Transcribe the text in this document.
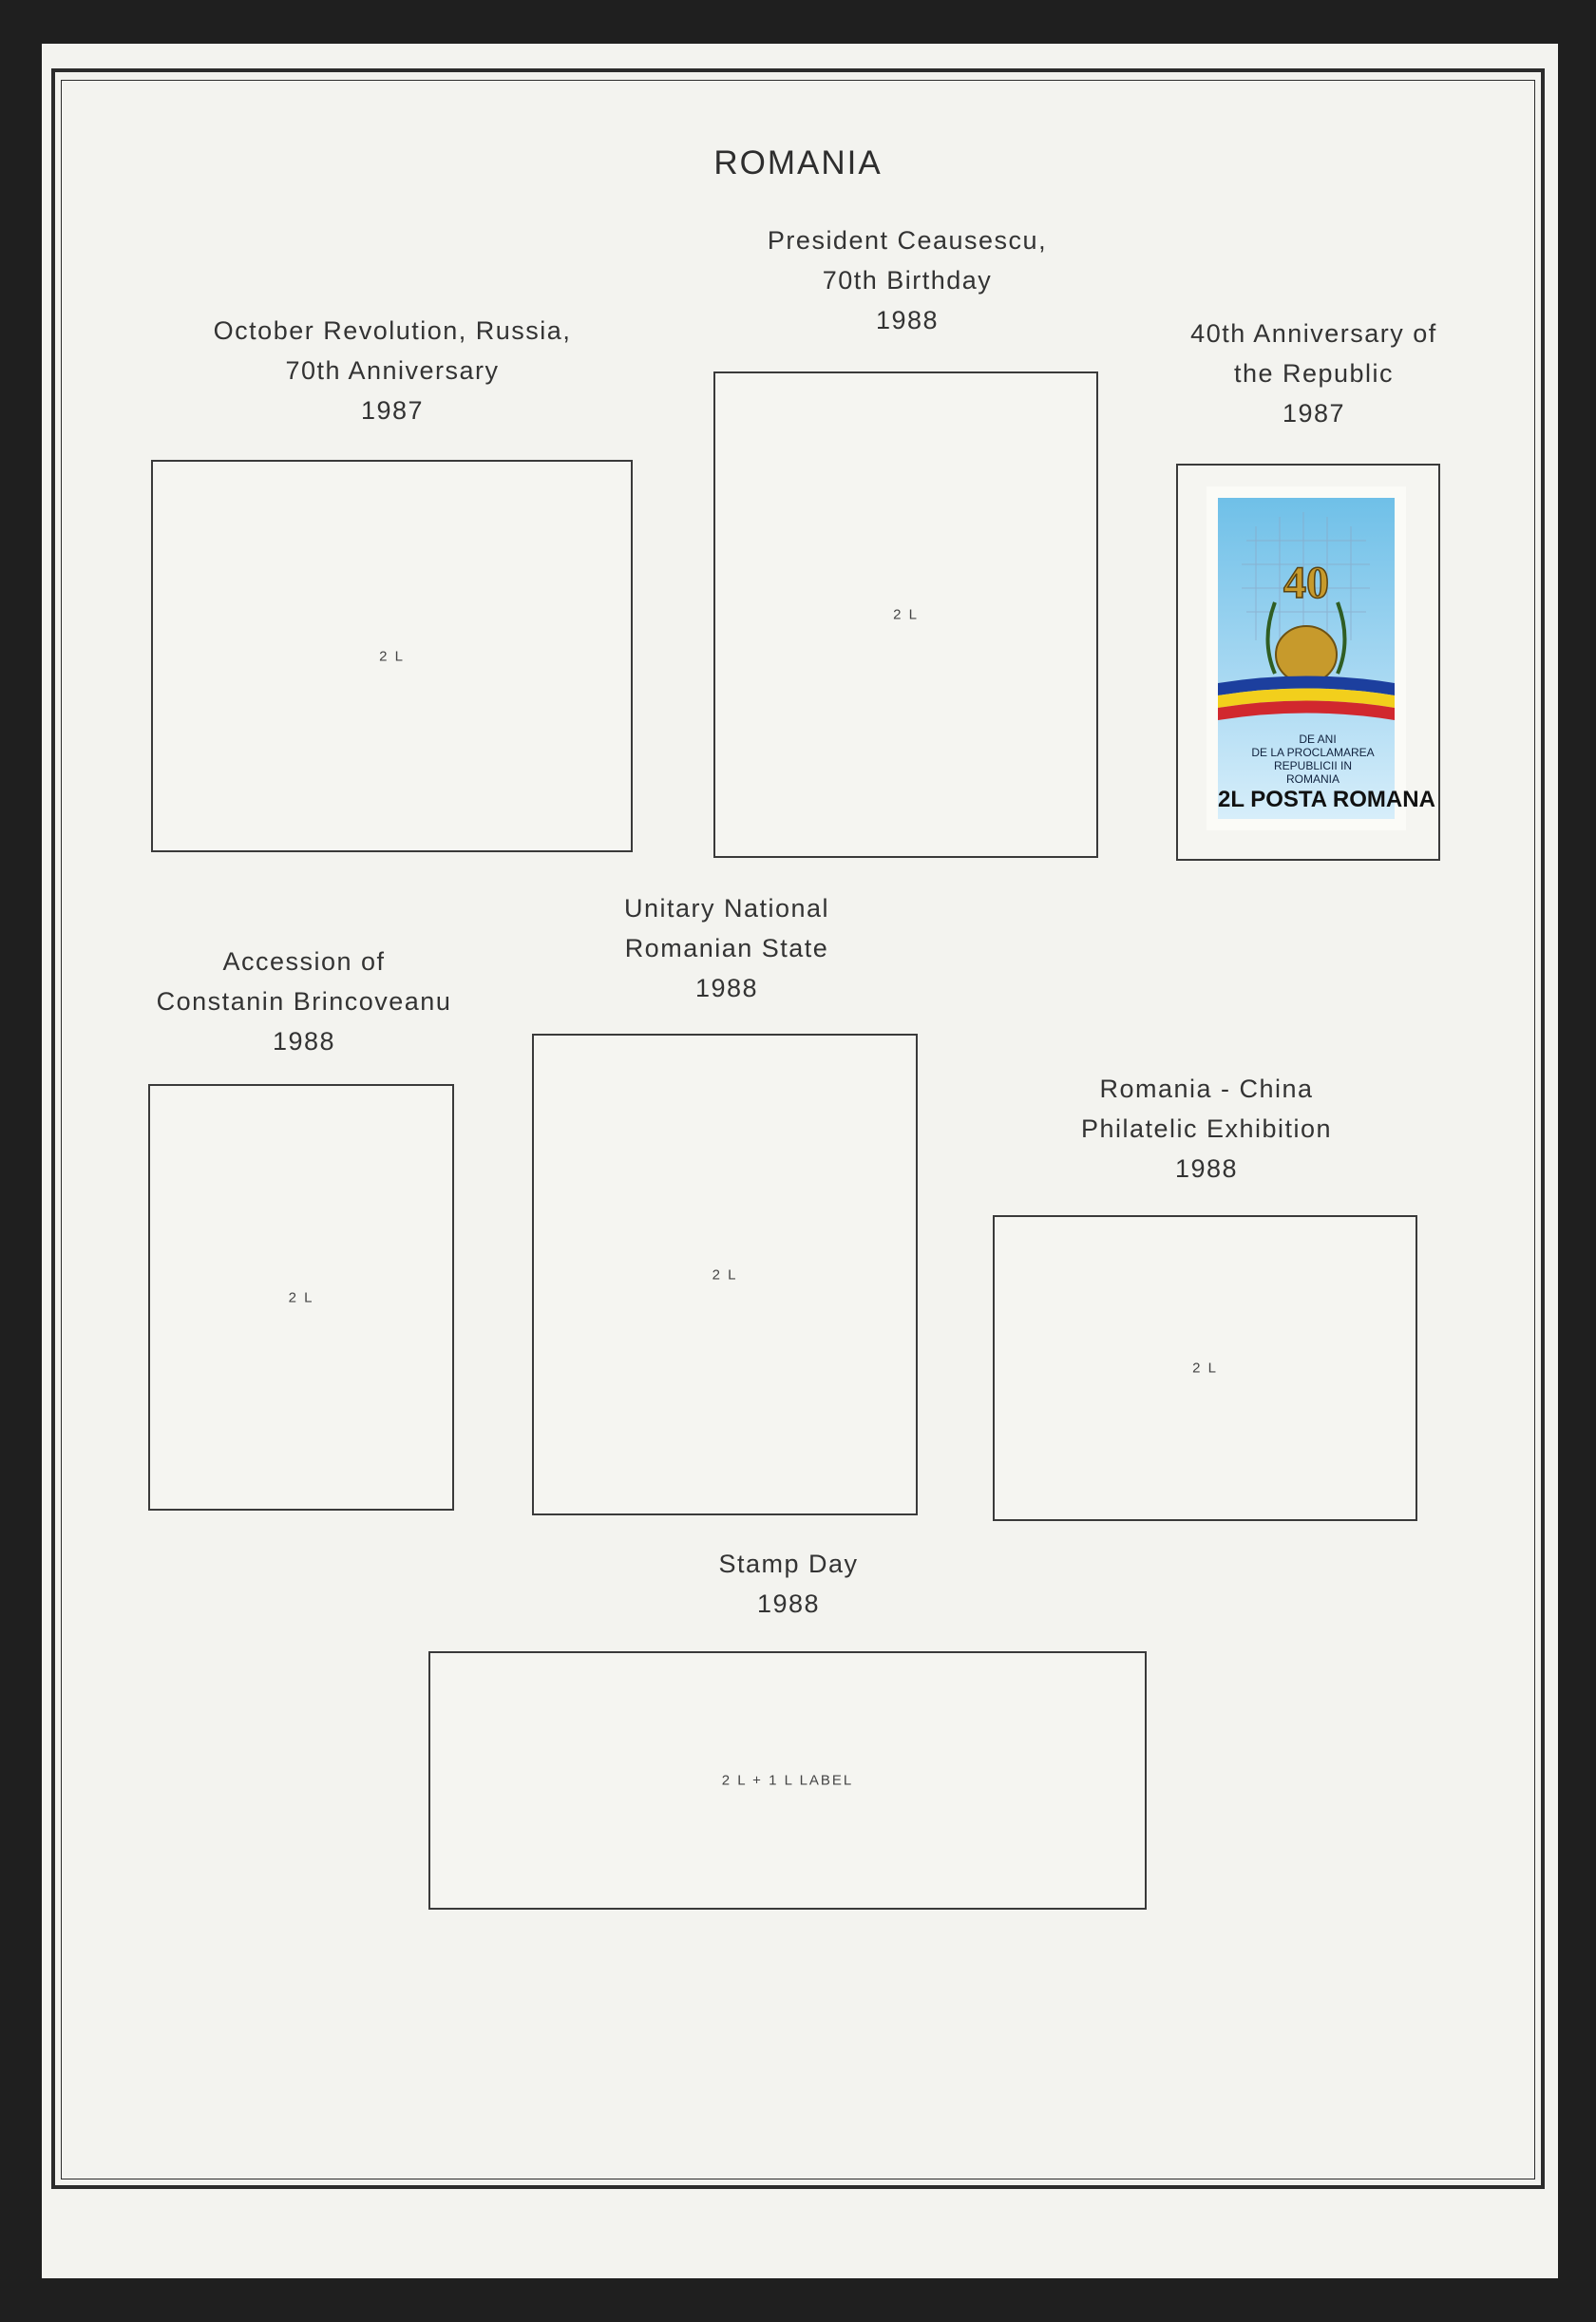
ROMANIA
October Revolution, Russia,
70th Anniversary
1987
2 L
President Ceausescu,
70th Birthday
1988
2 L
40th Anniversary of
the Republic
1987
40
DE ANI
DE LA PROCLAMAREA
REPUBLICII IN
ROMANIA
2L POSTA ROMANA
Accession of
Constanin Brincoveanu
1988
2 L
Unitary National
Romanian State
1988
2 L
Romania - China
Philatelic Exhibition
1988
2 L
Stamp Day
1988
2 L + 1 L LABEL
